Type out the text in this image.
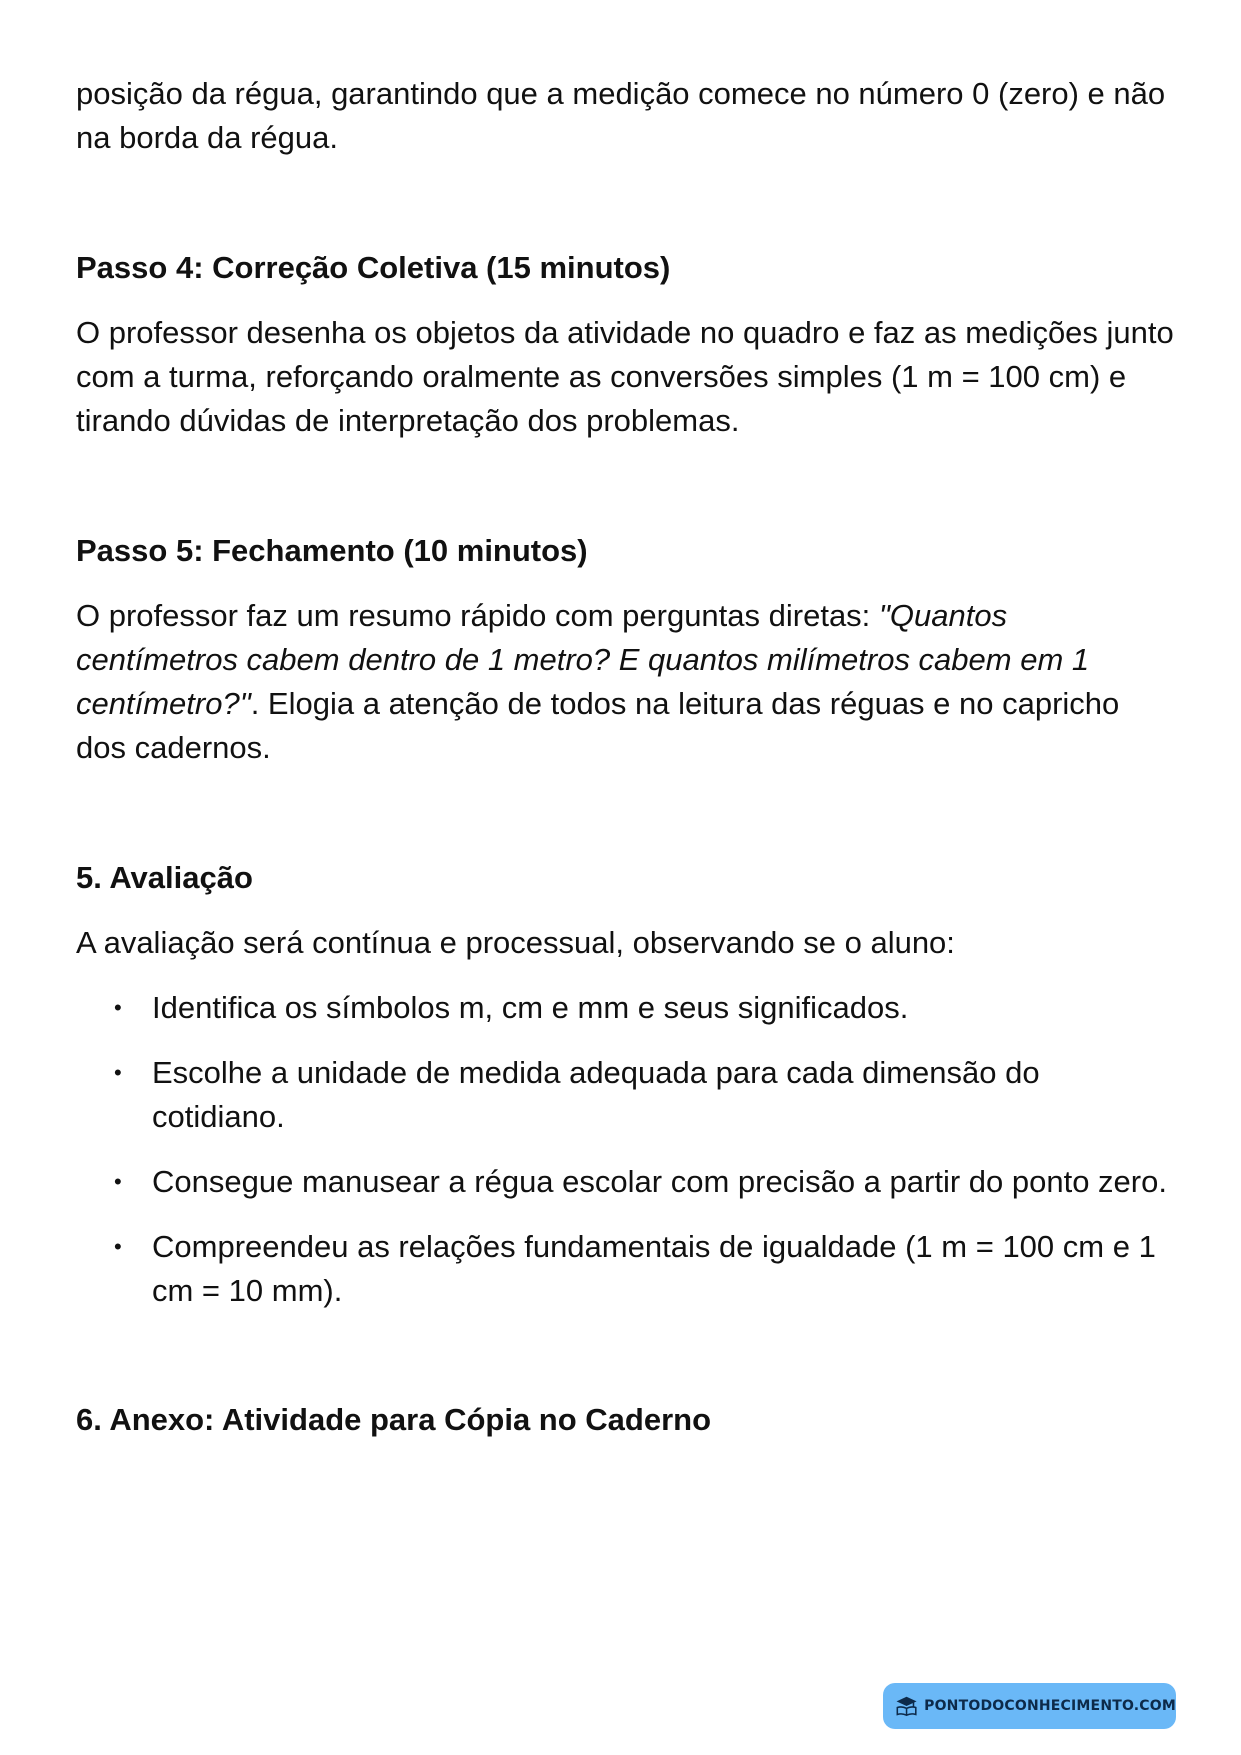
posição da régua, garantindo que a medição comece no número 0 (zero) e não na borda da régua.

Passo 4: Correção Coletiva (15 minutos)

O professor desenha os objetos da atividade no quadro e faz as medições junto com a turma, reforçando oralmente as conversões simples (1 m = 100 cm) e tirando dúvidas de interpretação dos problemas.

Passo 5: Fechamento (10 minutos)

O professor faz um resumo rápido com perguntas diretas: "Quantos centímetros cabem dentro de 1 metro? E quantos milímetros cabem em 1 centímetro?". Elogia a atenção de todos na leitura das réguas e no capricho dos cadernos.

5. Avaliação

A avaliação será contínua e processual, observando se o aluno:

• Identifica os símbolos m, cm e mm e seus significados.
• Escolhe a unidade de medida adequada para cada dimensão do cotidiano.
• Consegue manusear a régua escolar com precisão a partir do ponto zero.
• Compreendeu as relações fundamentais de igualdade (1 m = 100 cm e 1 cm = 10 mm).
6. Anexo: Atividade para Cópia no Caderno
PONTODOCONHECIMENTO.COM
